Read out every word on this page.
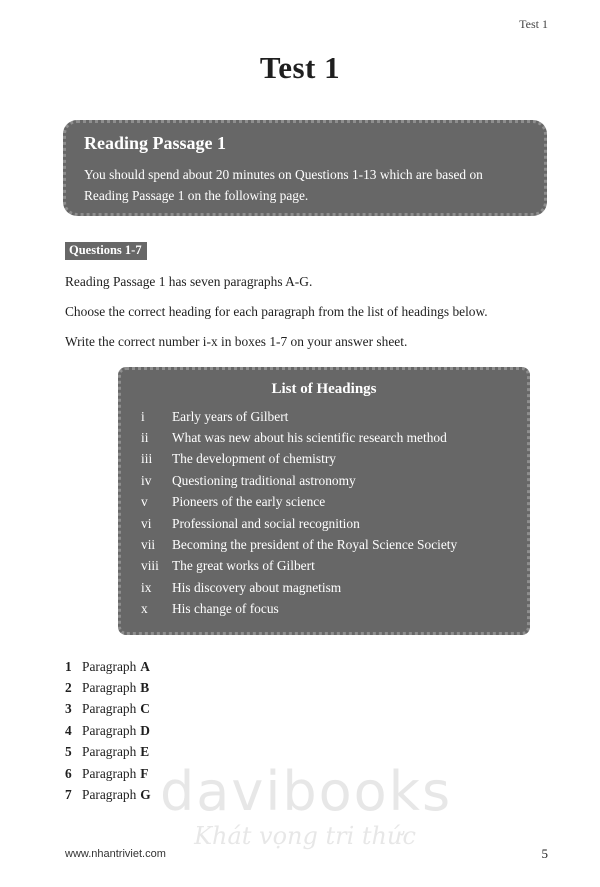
Test 1
Test 1
Reading Passage 1
You should spend about 20 minutes on Questions 1-13 which are based on
Reading Passage 1 on the following page.
Questions 1-7

Reading Passage 1 has seven paragraphs A-G.

Choose the correct heading for each paragraph from the list of headings below.

Write the correct number i-x in boxes 1-7 on your answer sheet.

List of Headings
i	Early years of Gilbert
ii	What was new about his scientific research method
iii	The development of chemistry
iv	Questioning traditional astronomy
v	Pioneers of the early science
vi	Professional and social recognition
vii	Becoming the president of the Royal Science Society
viii The great works of Gilbert
ix	His discovery about magnetism
x	His change of focus
1 Paragraph A
2 Paragraph B
3 Paragraph C
4 Paragraph D
5 Paragraph E
6 Paragraph F
7 Paragraph G davibooks
Khát vọng tri thức
www.nhantriviet.com	5
